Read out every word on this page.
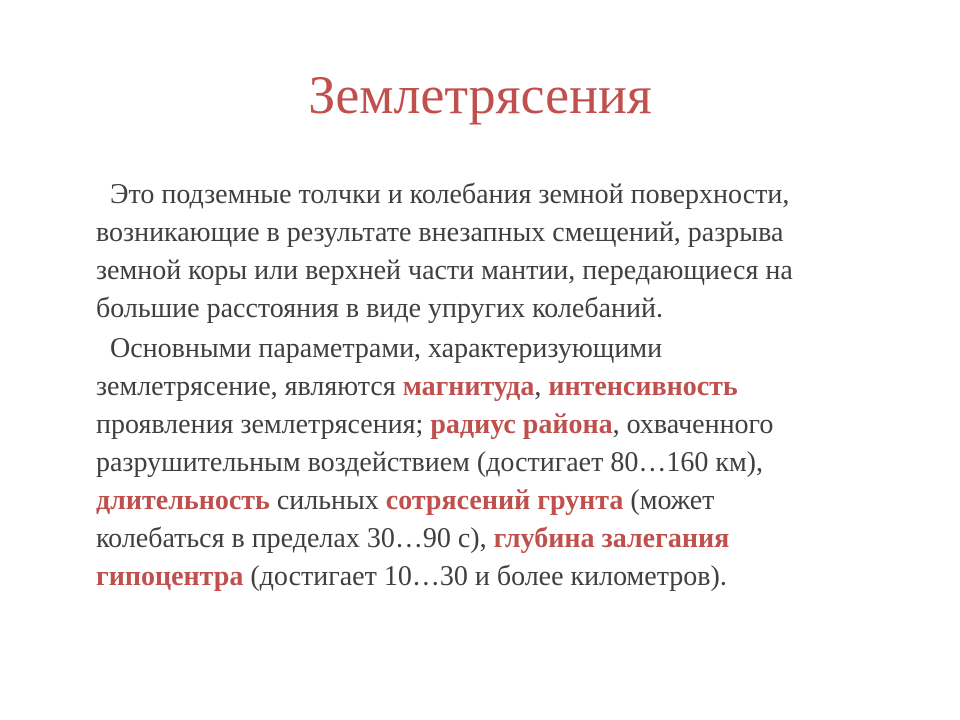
Землетрясения

 Это подземные толчки и колебания земной поверхности,
возникающие в результате внезапных смещений, разрыва
земной коры или верхней части мантии, передающиеся на
большие расстояния в виде упругих колебаний.

 Основными параметрами, характеризующими
землетрясение, являются магнитуда, интенсивность
проявления землетрясения; радиус района, охваченного
разрушительным воздействием (достигает 80…160 км),
длительность сильных сотрясений грунта (может
колебаться в пределах 30…90 с), глубина залегания
гипоцентра (достигает 10…30 и более километров).
